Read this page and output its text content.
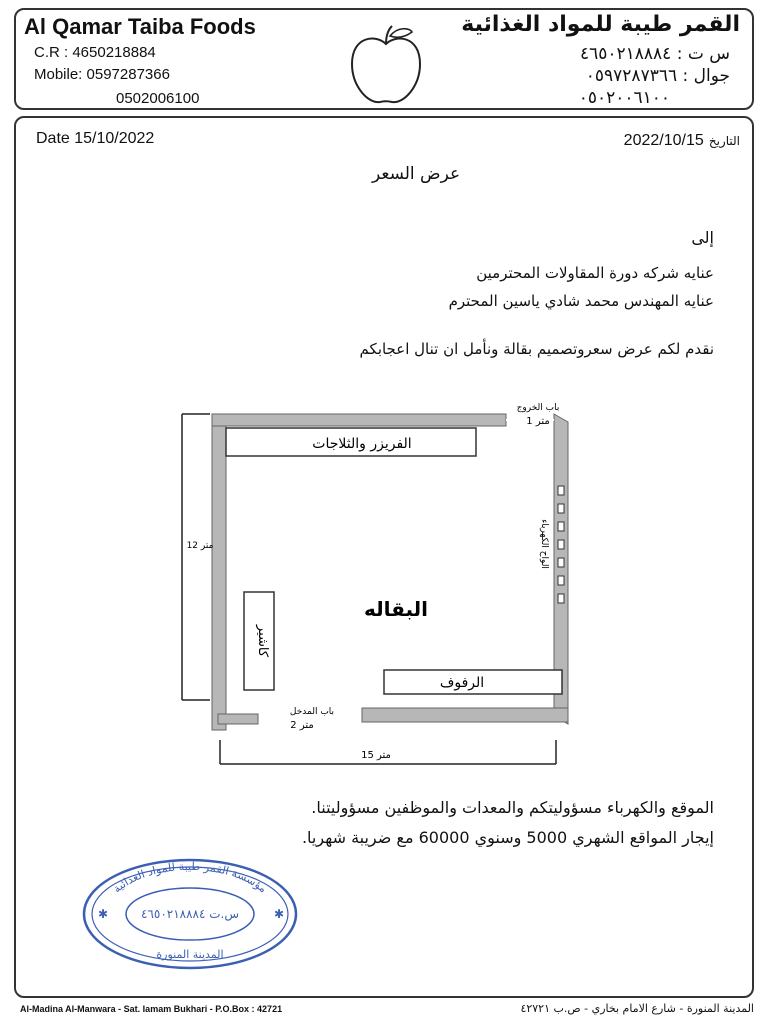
Al Qamar Taiba Foods
C.R : 4650218884
Mobile: 0597287366
0502006100
القمر طيبة للمواد الغذائية
س ت : ٤٦٥٠٢١٨٨٨٤
جوال : ٠٥٩٧٢٨٧٣٦٦
٠٥٠٢٠٠٦١٠٠
Date 15/10/2022	التاريخ 2022/10/15
عرض السعر
إلى
عنايه شركه دورة المقاولات المحترمين
عنايه المهندس محمد شادي ياسين المحترم
نقدم لكم عرض سعروتصميم بقالة ونأمل ان تنال اعجابكم
الفريزر والثلاجات
باب الخروج
متر 1
الواح الكهرباء
متر 12
البقاله
كاشير
الرفوف
باب المدخل
متر 2
متر 15
الموقع والكهرباء مسؤوليتكم والمعدات والموظفين مسؤوليتنا.
إيجار المواقع الشهري 5000 وسنوي 60000 مع ضريبة شهريا.
مؤسسة القمر طيبة للمواد الغذائية
س.ت ٤٦٥٠٢١٨٨٨٤
المدينة المنورة
✱	✱
Al-Madina Al-Manwara - Sat. Iamam Bukhari - P.O.Box : 42721	المدينة المنورة - شارع الامام بخاري - ص.ب ٤٢٧٢١
